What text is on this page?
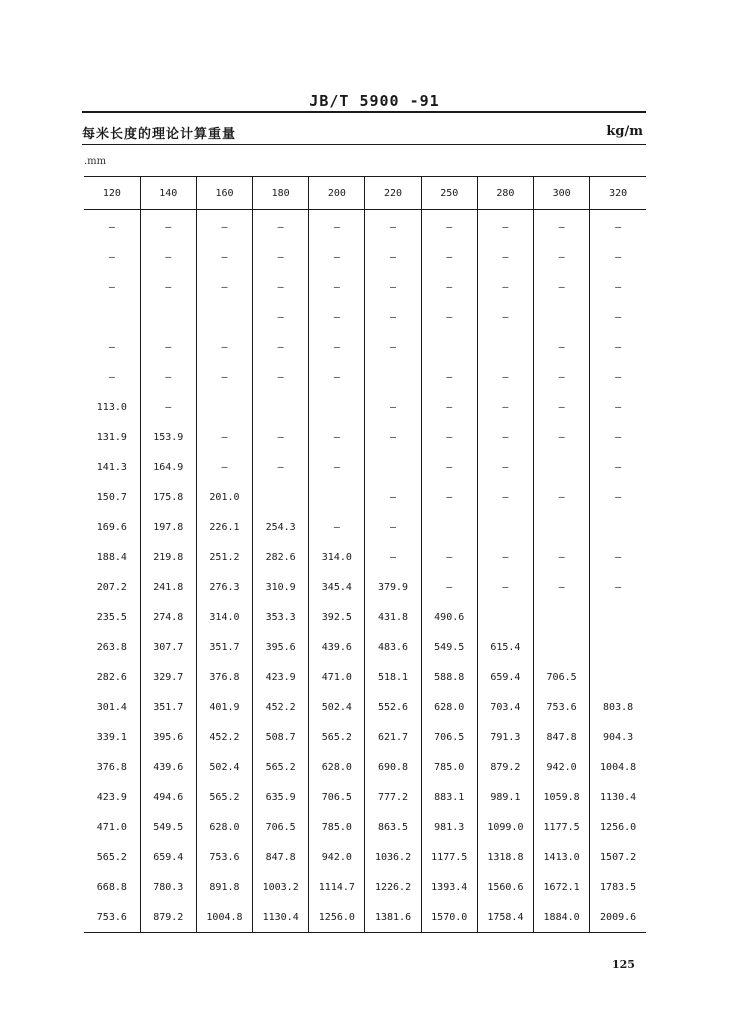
JB/T 5900 -91
每米长度的理论计算重量	kg/m
.mm
120	140	160	180	200	220	250	280	300	320
—	—	—	—	—	—	—	—	—	—
—	—	—	—	—	—	—	—	—	—
—	—	—	—	—	—	—	—	—	—
			—	—	—	—	—		—
—	—	—	—	—	—			—	—
—	—	—	—	—		—	—	—	—
113.0	—				—	—	—	—	—
131.9	153.9	—	—	—	—	—	—	—	—
141.3	164.9	—	—	—		—	—		—
150.7	175.8	201.0			—	—	—	—	—
169.6	197.8	226.1	254.3	—	—				
188.4	219.8	251.2	282.6	314.0	—	—	—	—	—
207.2	241.8	276.3	310.9	345.4	379.9	—	—	—	—
235.5	274.8	314.0	353.3	392.5	431.8	490.6			
263.8	307.7	351.7	395.6	439.6	483.6	549.5	615.4		
282.6	329.7	376.8	423.9	471.0	518.1	588.8	659.4	706.5	
301.4	351.7	401.9	452.2	502.4	552.6	628.0	703.4	753.6	803.8
339.1	395.6	452.2	508.7	565.2	621.7	706.5	791.3	847.8	904.3
376.8	439.6	502.4	565.2	628.0	690.8	785.0	879.2	942.0	1004.8
423.9	494.6	565.2	635.9	706.5	777.2	883.1	989.1	1059.8	1130.4
471.0	549.5	628.0	706.5	785.0	863.5	981.3	1099.0	1177.5	1256.0
565.2	659.4	753.6	847.8	942.0	1036.2	1177.5	1318.8	1413.0	1507.2
668.8	780.3	891.8	1003.2	1114.7	1226.2	1393.4	1560.6	1672.1	1783.5
753.6	879.2	1004.8	1130.4	1256.0	1381.6	1570.0	1758.4	1884.0	2009.6
125
